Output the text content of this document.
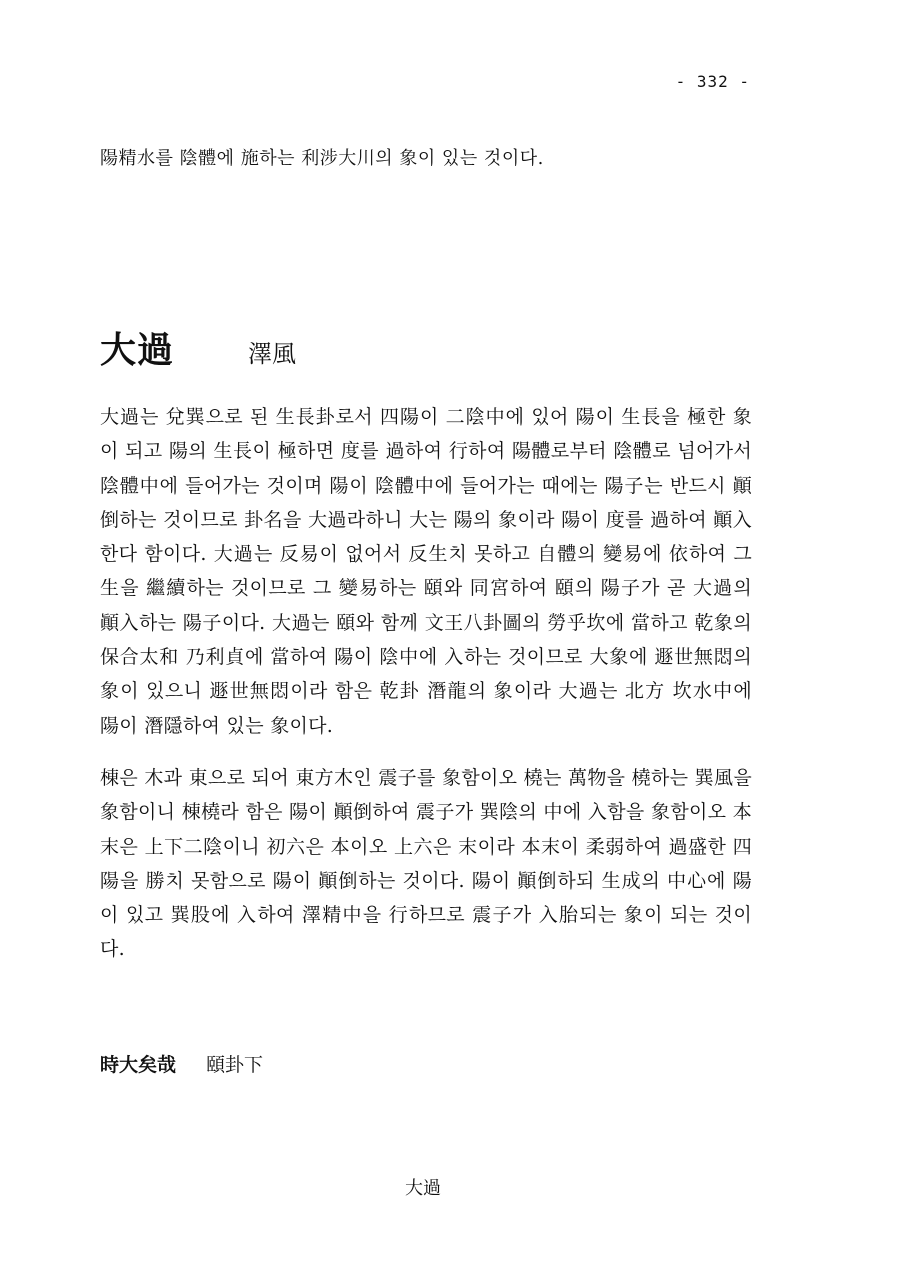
- 332 -
陽精水를 陰體에 施하는 利涉大川의 象이 있는 것이다.
大過	澤風
大過는 兌巽으로 된 生長卦로서 四陽이 二陰中에 있어 陽이 生長을 極한 象이 되고 陽의 生長이 極하면 度를 過하여 行하여 陽體로부터 陰體로 넘어가서 陰體中에 들어가는 것이며 陽이 陰體中에 들어가는 때에는 陽子는 반드시 顚倒하는 것이므로 卦名을 大過라하니 大는 陽의 象이라 陽이 度를 過하여 顚入한다 함이다. 大過는 反易이 없어서 反生치 못하고 自體의 變易에 依하여 그 生을 繼續하는 것이므로 그 變易하는 頤와 同宮하여 頤의 陽子가 곧 大過의 顚入하는 陽子이다. 大過는 頤와 함께 文王八卦圖의 勞乎坎에 當하고 乾象의 保合太和 乃利貞에 當하여 陽이 陰中에 入하는 것이므로 大象에 遯世無悶의 象이 있으니 遯世無悶이라 함은 乾卦 潛龍의 象이라 大過는 北方 坎水中에 陽이 潛隱하여 있는 象이다.
棟은 木과 東으로 되어 東方木인 震子를 象함이오 橈는 萬物을 橈하는 巽風을 象함이니 棟橈라 함은 陽이 顚倒하여 震子가 巽陰의 中에 入함을 象함이오 本末은 上下二陰이니 初六은 本이오 上六은 末이라 本末이 柔弱하여 過盛한 四陽을 勝치 못함으로 陽이 顚倒하는 것이다. 陽이 顚倒하되 生成의 中心에 陽이 있고 巽股에 入하여 澤精中을 行하므로 震子가 入胎되는 象이 되는 것이다.
時大矣哉 頤卦下
大過
